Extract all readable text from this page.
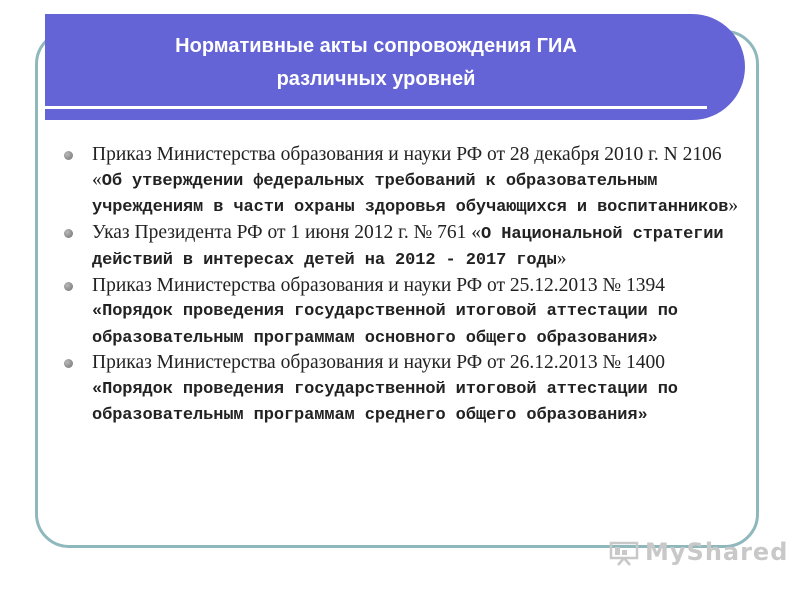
Нормативные акты сопровождения ГИА
различных уровней
Приказ Министерства образования и науки РФ от 28 декабря 2010 г. N 2106 «Об утверждении федеральных требований к образовательным учреждениям в части охраны здоровья обучающихся и воспитанников»
Указ Президента РФ от 1 июня 2012 г. № 761 «О Национальной стратегии действий в интересах детей на 2012 - 2017 годы»
Приказ Министерства образования и науки РФ от 25.12.2013 № 1394 «Порядок проведения государственной итоговой аттестации по образовательным программам основного общего образования»
Приказ Министерства образования и науки РФ от 26.12.2013 № 1400 «Порядок проведения государственной итоговой аттестации по образовательным программам среднего общего образования»
MyShared
